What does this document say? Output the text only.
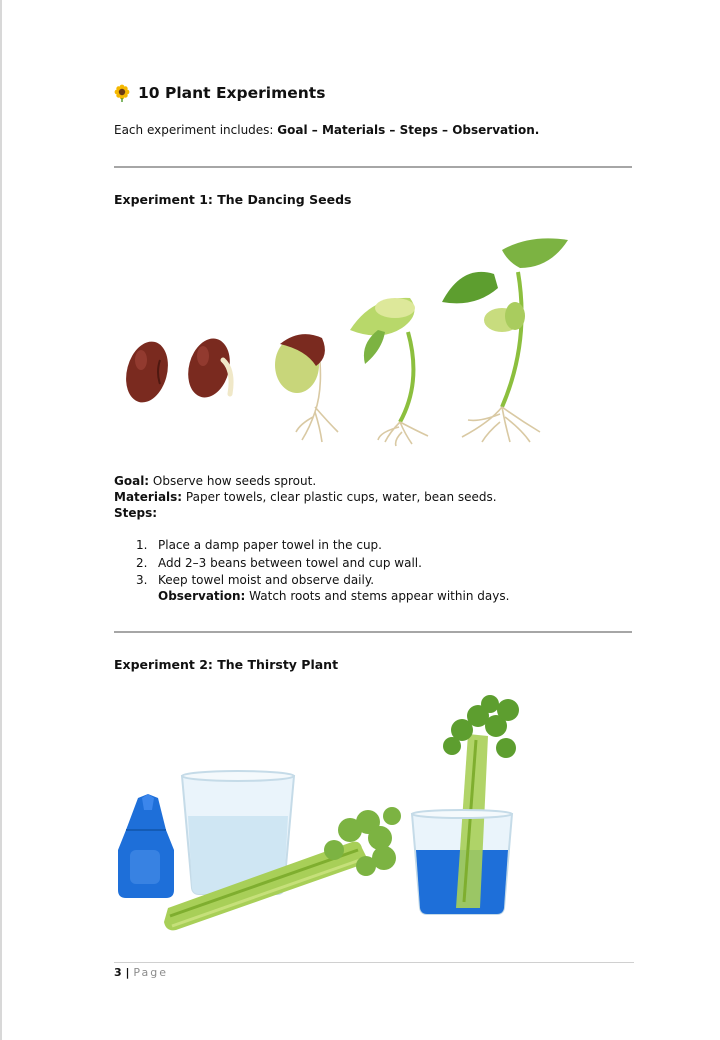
10 Plant Experiments
Each experiment includes: Goal – Materials – Steps – Observation.
Experiment 1: The Dancing Seeds
Goal: Observe how seeds sprout.
Materials: Paper towels, clear plastic cups, water, bean seeds.
Steps:
1. Place a damp paper towel in the cup.
2. Add 2–3 beans between towel and cup wall.
3. Keep towel moist and observe daily.
Observation: Watch roots and stems appear within days.
Experiment 2: The Thirsty Plant
3 | Page
